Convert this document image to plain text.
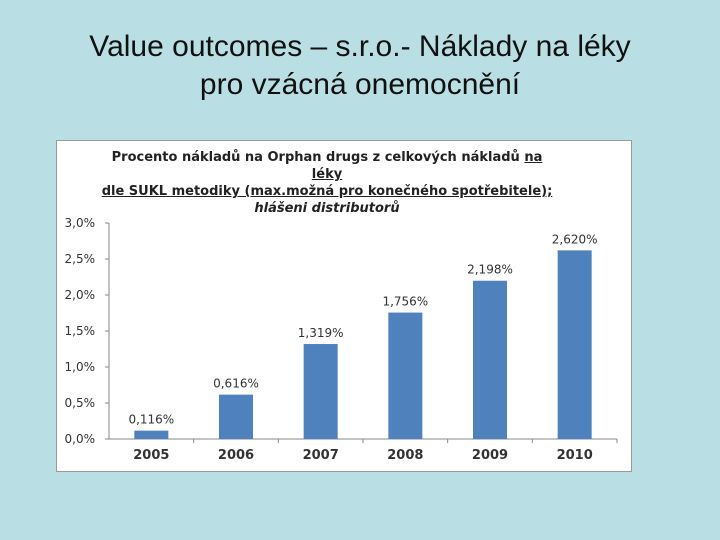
Value outcomes – s.r.o.- Náklady na léky
pro vzácná onemocnění
0,0%
0,5%
1,0%
1,5%
2,0%
2,5%
3,0%
0,116%
2005
0,616%
2006
1,319%
2007
1,756%
2008
2,198%
2009
2,620%
2010
Procento nákladů na Orphan drugs z celkových nákladů na léky
dle SUKL metodiky (max.možná pro konečného spotřebitele);
hlášeni distributorů
